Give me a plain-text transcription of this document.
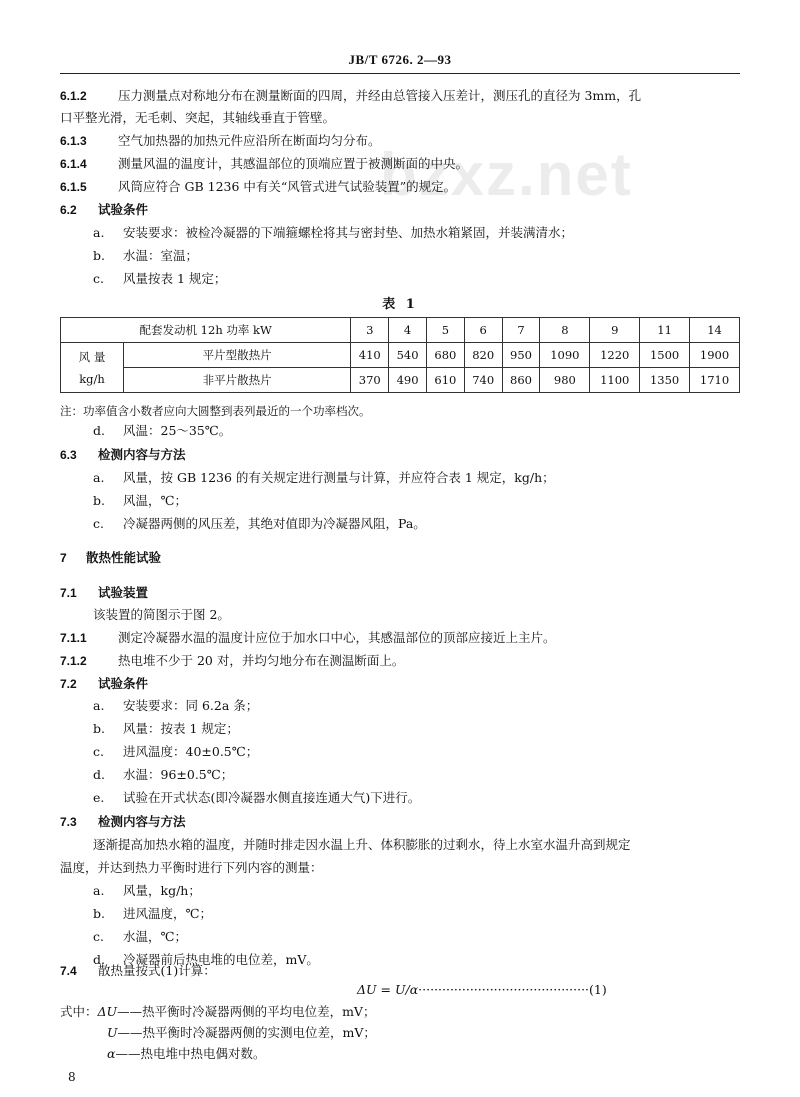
bzxz.net
JB/T 6726. 2—93
6.1.2	压力测量点对称地分布在测量断面的四周，并经由总管接入压差计，测压孔的直径为 3mm，孔
口平整光滑，无毛刺、突起，其轴线垂直于管壁。
6.1.3	空气加热器的加热元件应沿所在断面均匀分布。
6.1.4	测量风温的温度计，其感温部位的顶端应置于被测断面的中央。
6.1.5	风筒应符合 GB 1236 中有关“风管式进气试验装置”的规定。
6.2 试验条件
a. 安装要求：被检冷凝器的下端箍螺栓将其与密封垫、加热水箱紧固，并装满清水；
b. 水温：室温；
c. 风量按表 1 规定；
表 1
配套发动机 12h 功率 kW		3	4	5	6	7	8	9	11	14
风 量
kg/h	平片型散热片	410	540	680	820	950	1090	1220	1500	1900
	非平片散热片	370	490	610	740	860	980	1100	1350	1710
注：功率值含小数者应向大圆整到表列最近的一个功率档次。
d. 风温：25～35℃。
6.3 检测内容与方法
a. 风量，按 GB 1236 的有关规定进行测量与计算，并应符合表 1 规定，kg/h；
b. 风温，℃；
c. 冷凝器两侧的风压差，其绝对值即为冷凝器风阻，Pa。
7 散热性能试验
7.1 试验装置
该装置的简图示于图 2。
7.1.1	测定冷凝器水温的温度计应位于加水口中心，其感温部位的顶部应接近上主片。
7.1.2	热电堆不少于 20 对，并均匀地分布在测温断面上。
7.2 试验条件
a. 安装要求：同 6.2a 条；
b. 风量：按表 1 规定；
c. 进风温度：40±0.5℃；
d. 水温：96±0.5℃；
e. 试验在开式状态(即冷凝器水侧直接连通大气)下进行。
7.3 检测内容与方法
逐渐提高加热水箱的温度，并随时排走因水温上升、体积膨胀的过剩水，待上水室水温升高到规定
温度，并达到热力平衡时进行下列内容的测量：
a. 风量，kg/h；
b. 进风温度，℃；
c. 水温，℃；
d. 冷凝器前后热电堆的电位差，mV。
7.4 散热量按式(1)计算：
ΔU = U/α···········································(1)
式中：ΔU——热平衡时冷凝器两侧的平均电位差，mV；
U——热平衡时冷凝器两侧的实测电位差，mV；
α——热电堆中热电偶对数。
8
